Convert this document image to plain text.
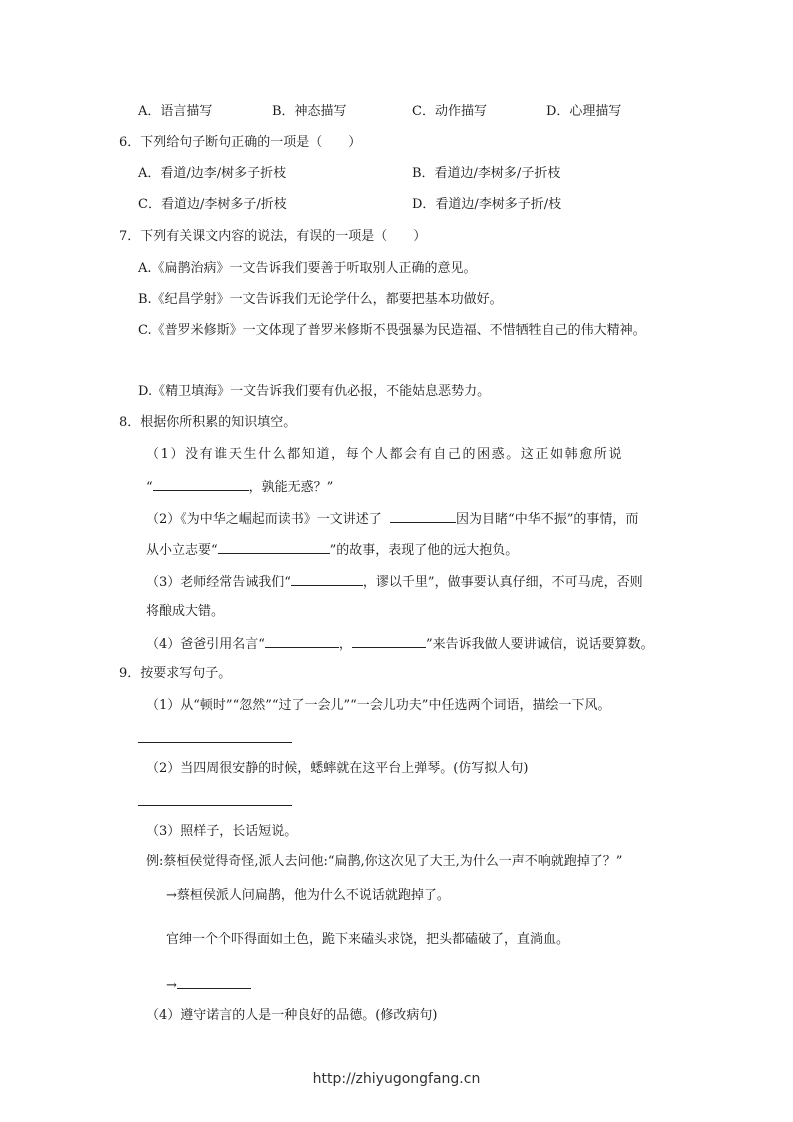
A．语言描写	B．神态描写	C．动作描写	D．心理描写
6．下列给句子断句正确的一项是（　　）
A．看道/边李/树多子折枝	B．看道边/李树多/子折枝
C．看道边/李树多子/折枝	D．看道边/李树多子折/枝
7．下列有关课文内容的说法，有误的一项是（　　）
A.《扁鹊治病》一文告诉我们要善于听取别人正确的意见。
B.《纪昌学射》一文告诉我们无论学什么，都要把基本功做好。
C.《普罗米修斯》一文体现了普罗米修斯不畏强暴为民造福、不惜牺牲自己的伟大精神。
D.《精卫填海》一文告诉我们要有仇必报，不能姑息恶势力。
8．根据你所积累的知识填空。
（1）没有谁天生什么都知道，每个人都会有自己的困惑。这正如韩愈所说
“	，孰能无惑？”
（2）《为中华之崛起而读书》一文讲述了	因为目睹“中华不振”的事情，而
从小立志要“	”的故事，表现了他的远大抱负。
（3）老师经常告诫我们“	，谬以千里”，做事要认真仔细，不可马虎，否则
将酿成大错。
（4）爸爸引用名言“	，	”来告诉我做人要讲诚信，说话要算数。
9．按要求写句子。
（1）从“顿时”“忽然”“过了一会儿”“一会儿功夫”中任选两个词语，描绘一下风。
（2）当四周很安静的时候，蟋蟀就在这平台上弹琴。(仿写拟人句)
（3）照样子，长话短说。
例:蔡桓侯觉得奇怪,派人去问他:“扁鹊,你这次见了大王,为什么一声不响就跑掉了？”
→蔡桓侯派人问扁鹊，他为什么不说话就跑掉了。
官绅一个个吓得面如土色，跪下来磕头求饶，把头都磕破了，直淌血。
→
（4）遵守诺言的人是一种良好的品德。(修改病句)
http://zhiyugongfang.cn
